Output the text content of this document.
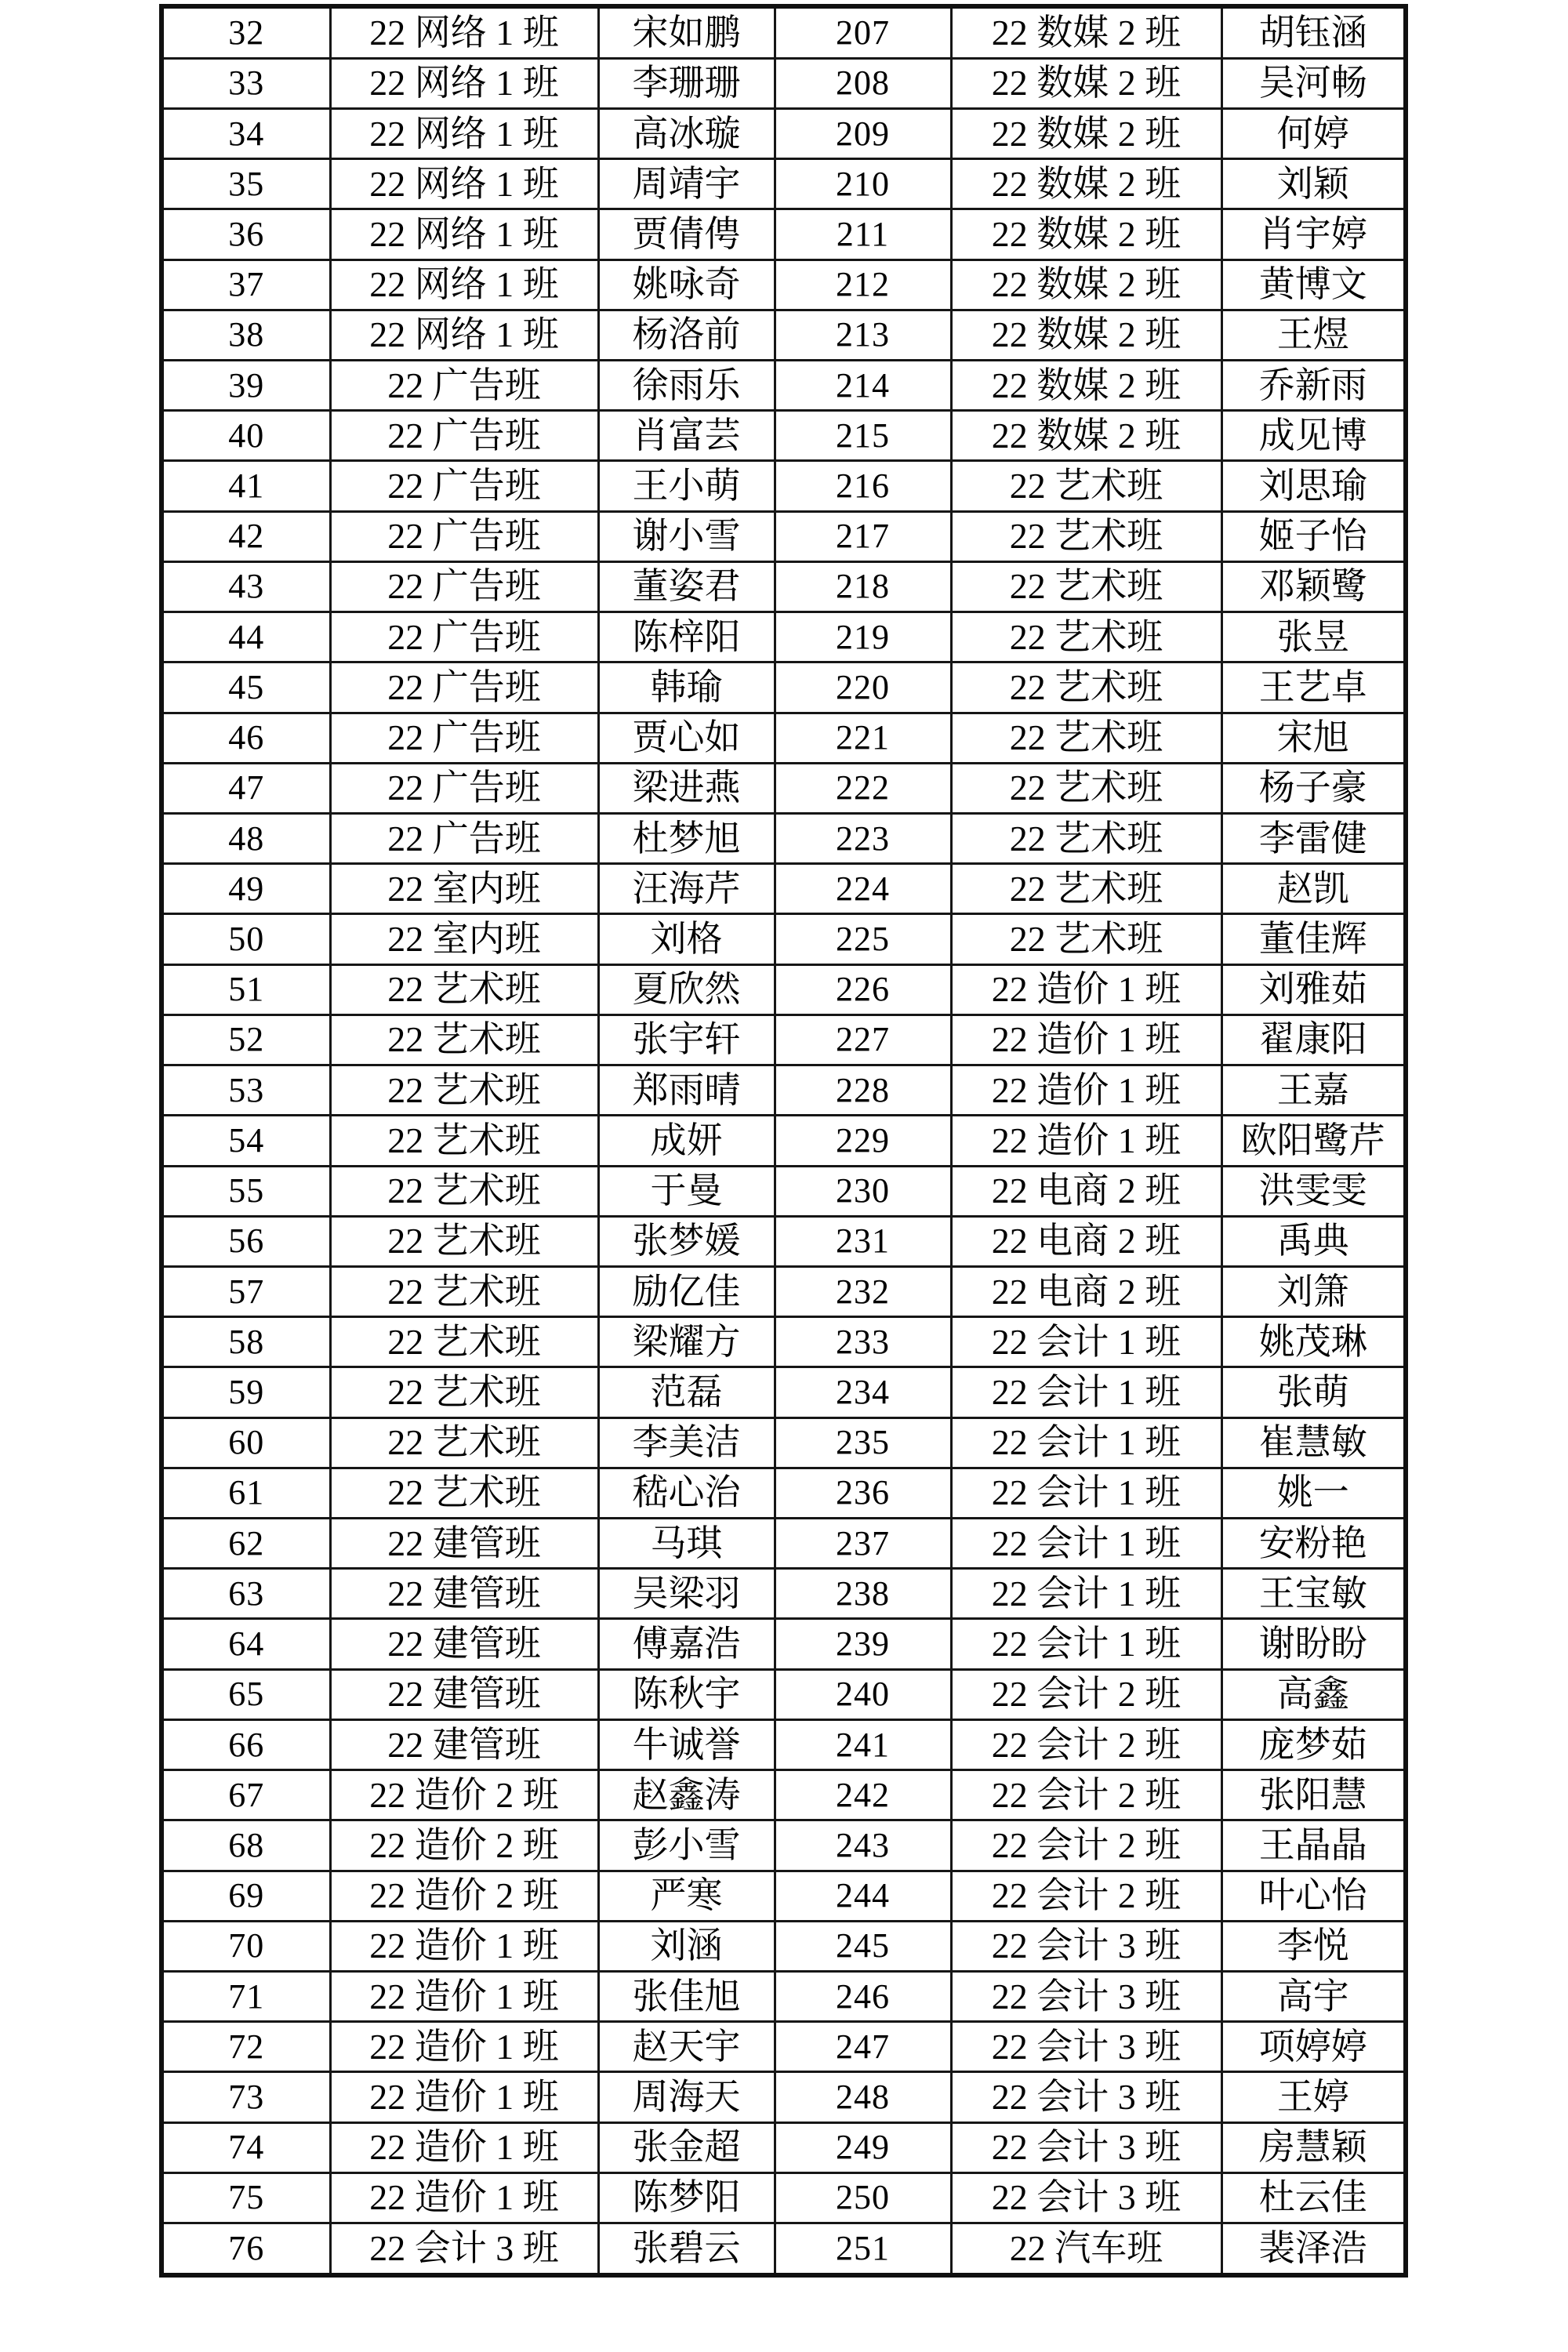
32	22 网络 1 班	宋如鹏	207	22 数媒 2 班	胡钰涵
33	22 网络 1 班	李珊珊	208	22 数媒 2 班	吴河畅
34	22 网络 1 班	高冰璇	209	22 数媒 2 班	何婷
35	22 网络 1 班	周靖宇	210	22 数媒 2 班	刘颖
36	22 网络 1 班	贾倩俜	211	22 数媒 2 班	肖宇婷
37	22 网络 1 班	姚咏奇	212	22 数媒 2 班	黄博文
38	22 网络 1 班	杨洛前	213	22 数媒 2 班	王煜
39	22 广告班	徐雨乐	214	22 数媒 2 班	乔新雨
40	22 广告班	肖富芸	215	22 数媒 2 班	成见博
41	22 广告班	王小萌	216	22 艺术班	刘思瑜
42	22 广告班	谢小雪	217	22 艺术班	姬子怡
43	22 广告班	董姿君	218	22 艺术班	邓颖鹭
44	22 广告班	陈梓阳	219	22 艺术班	张昱
45	22 广告班	韩瑜	220	22 艺术班	王艺卓
46	22 广告班	贾心如	221	22 艺术班	宋旭
47	22 广告班	梁进燕	222	22 艺术班	杨子豪
48	22 广告班	杜梦旭	223	22 艺术班	李雷健
49	22 室内班	汪海芹	224	22 艺术班	赵凯
50	22 室内班	刘格	225	22 艺术班	董佳辉
51	22 艺术班	夏欣然	226	22 造价 1 班	刘雅茹
52	22 艺术班	张宇轩	227	22 造价 1 班	翟康阳
53	22 艺术班	郑雨晴	228	22 造价 1 班	王嘉
54	22 艺术班	成妍	229	22 造价 1 班	欧阳鹭芹
55	22 艺术班	于曼	230	22 电商 2 班	洪雯雯
56	22 艺术班	张梦媛	231	22 电商 2 班	禹典
57	22 艺术班	励亿佳	232	22 电商 2 班	刘箫
58	22 艺术班	梁耀方	233	22 会计 1 班	姚茂琳
59	22 艺术班	范磊	234	22 会计 1 班	张萌
60	22 艺术班	李美洁	235	22 会计 1 班	崔慧敏
61	22 艺术班	嵇心治	236	22 会计 1 班	姚一
62	22 建管班	马琪	237	22 会计 1 班	安粉艳
63	22 建管班	吴梁羽	238	22 会计 1 班	王宝敏
64	22 建管班	傅嘉浩	239	22 会计 1 班	谢盼盼
65	22 建管班	陈秋宇	240	22 会计 2 班	高鑫
66	22 建管班	牛诚誉	241	22 会计 2 班	庞梦茹
67	22 造价 2 班	赵鑫涛	242	22 会计 2 班	张阳慧
68	22 造价 2 班	彭小雪	243	22 会计 2 班	王晶晶
69	22 造价 2 班	严寒	244	22 会计 2 班	叶心怡
70	22 造价 1 班	刘涵	245	22 会计 3 班	李悦
71	22 造价 1 班	张佳旭	246	22 会计 3 班	高宇
72	22 造价 1 班	赵天宇	247	22 会计 3 班	项婷婷
73	22 造价 1 班	周海天	248	22 会计 3 班	王婷
74	22 造价 1 班	张金超	249	22 会计 3 班	房慧颖
75	22 造价 1 班	陈梦阳	250	22 会计 3 班	杜云佳
76	22 会计 3 班	张碧云	251	22 汽车班	裴泽浩
